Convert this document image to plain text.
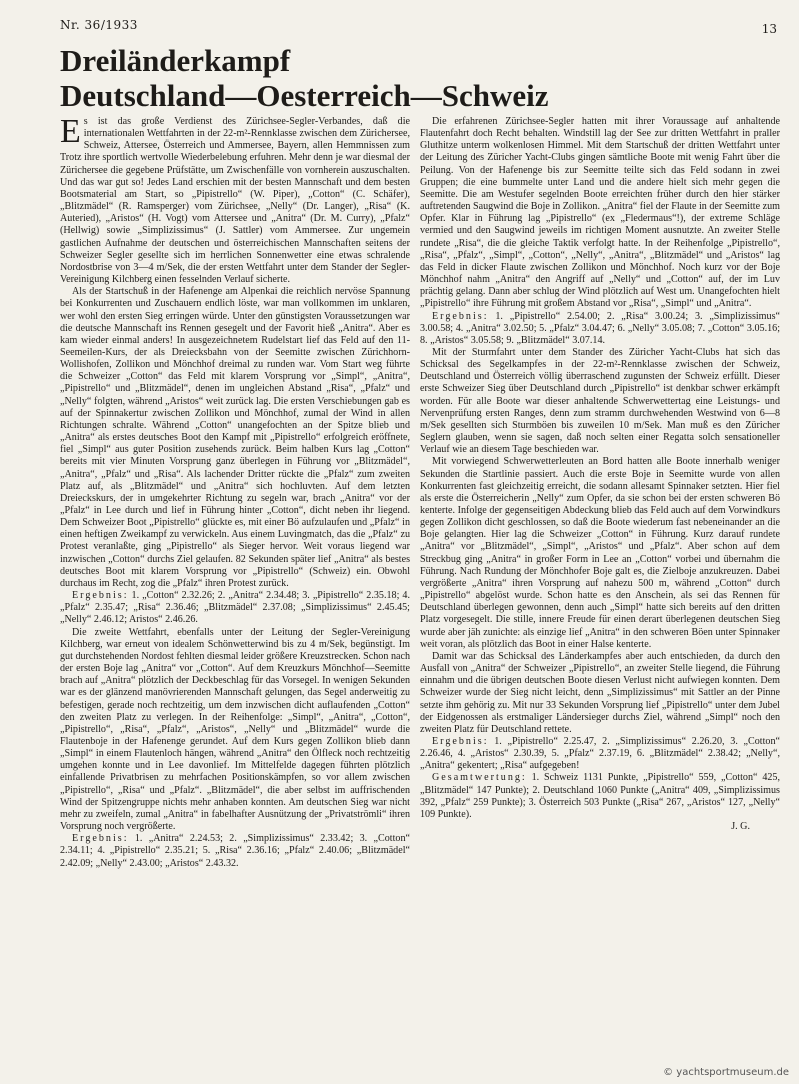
Nr. 36/1933	13
Dreiländerkampf
Deutschland—Oesterreich—Schweiz

Es ist das große Verdienst des Zürichsee-Segler-Verbandes, daß die internationalen Wettfahrten in der 22-m²-Rennklasse zwischen dem Zürichersee, Schweiz, Attersee, Österreich und Ammersee, Bayern, allen Hemmnissen zum Trotz ihre sportlich wertvolle Wiederbelebung erfuhren. Mehr denn je war diesmal der Zürichersee die gegebene Prüfstätte, um Zwischenfälle von vornherein auszuschalten. Und das war gut so! Jedes Land erschien mit der besten Mannschaft und dem besten Bootsmaterial am Start, so „Pipistrello“ (W. Piper), „Cotton“ (C. Schäfer), „Blitzmädel“ (R. Ramsperger) vom Zürichsee, „Nelly“ (Dr. Langer), „Risa“ (K. Auteried), „Aristos“ (H. Vogt) vom Attersee und „Anitra“ (Dr. M. Curry), „Pfalz“ (Hellwig) sowie „Simplizissimus“ (J. Sattler) vom Ammersee. Zur ungemein gastlichen Aufnahme der deutschen und österreichischen Mannschaften seitens der Schweizer Segler gesellte sich im herrlichen Sonnenwetter eine etwas schralende Nordostbrise von 3—4 m/Sek, die der ersten Wettfahrt unter dem Stander der Segler-Vereinigung Kilchberg einen fesselnden Verlauf sicherte.

Als der Startschuß in der Hafenenge am Alpenkai die reichlich nervöse Spannung bei Konkurrenten und Zuschauern endlich löste, war man vollkommen im unklaren, wer wohl den ersten Sieg erringen würde. Unter den günstigsten Voraussetzungen war die deutsche Mannschaft ins Rennen gesegelt und der Favorit hieß „Anitra“. Aber es kam wieder einmal anders! In ausgezeichnetem Rudelstart lief das Feld auf den 11-Seemeilen-Kurs, der als Dreiecksbahn von der Seemitte zwischen Zürichhorn-Wollishofen, Zollikon und Mönchhof dreimal zu runden war. Vom Start weg führte die Schweizer „Cotton“ das Feld mit klarem Vorsprung vor „Simpl“, „Anitra“, „Pipistrello“ und „Blitzmädel“, denen im ungleichen Abstand „Risa“, „Pfalz“ und „Nelly“ folgten, während „Aristos“ weit zurück lag. Die ersten Verschiebungen gab es auf der Spinnakertur zwischen Zollikon und Mönchhof, zumal der Wind in allen Richtungen schralte. Während „Cotton“ unangefochten an der Spitze blieb und „Anitra“ als erstes deutsches Boot den Kampf mit „Pipistrello“ erfolgreich eröffnete, fiel „Simpl“ aus guter Position zusehends zurück. Beim halben Kurs lag „Cotton“ bereits mit vier Minuten Vorsprung ganz überlegen in Führung vor „Blitzmädel“, „Anitra“, „Pfalz“ und „Risa“. Als lachender Dritter rückte die „Pfalz“ zum zweiten Platz auf, als „Blitzmädel“ und „Anitra“ sich hochluvten. Auf dem letzten Dreieckskurs, der in umgekehrter Richtung zu segeln war, brach „Anitra“ vor der „Pfalz“ in Lee durch und lief in Führung hinter „Cotton“, dicht neben ihr liegend. Dem Schweizer Boot „Pipistrello“ glückte es, mit einer Bö aufzulaufen und „Pfalz“ in einen heftigen Zweikampf zu verwickeln. Aus einem Luvingmatch, das die „Pfalz“ zu Protest veranlaßte, ging „Pipistrello“ als Sieger hervor. Weit voraus liegend war inzwischen „Cotton“ durchs Ziel gelaufen. 82 Sekunden später lief „Anitra“ als bestes deutsches Boot mit klarem Vorsprung vor „Pipistrello“ (Schweiz) ein. Obwohl durchaus im Recht, zog die „Pfalz“ ihren Protest zurück.

Ergebnis: 1. „Cotton“ 2.32.26; 2. „Anitra“ 2.34.48; 3. „Pipistrello“ 2.35.18; 4. „Pfalz“ 2.35.47; „Risa“ 2.36.46; „Blitzmädel“ 2.37.08; „Simplizissimus“ 2.45.45; „Nelly“ 2.46.12; Aristos“ 2.46.26.

Die zweite Wettfahrt, ebenfalls unter der Leitung der Segler-Vereinigung Kilchberg, war erneut von idealem Schönwetterwind bis zu 4 m/Sek, begünstigt. Im gut durchstehenden Nordost fehlten diesmal leider größere Kreuzstrecken. Schon nach der ersten Boje lag „Anitra“ vor „Cotton“. Auf dem Kreuzkurs Mönchhof—Seemitte brach auf „Anitra“ plötzlich der Deckbeschlag für das Vorsegel. In wenigen Sekunden war es der glänzend manövrierenden Mannschaft gelungen, das Segel anderweitig zu befestigen, gerade noch rechtzeitig, um dem inzwischen dicht auflaufenden „Cotton“ den zweiten Platz zu verlegen. In der Reihenfolge: „Simpl“, „Anitra“, „Cotton“, „Pipistrello“, „Risa“, „Pfalz“, „Aristos“, „Nelly“ und „Blitzmädel“ wurde die Flautenboje in der Hafenenge gerundet. Auf dem Kurs gegen Zollikon blieb dann „Simpl“ in einem Flautenloch hängen, während „Anitra“ den Ölfleck noch rechtzeitig umgehen konnte und in Lee davonlief. Im Mittelfelde dagegen führten plötzlich einfallende Privatbrisen zu mehrfachen Positionskämpfen, so vor allem zwischen „Pipistrello“, „Risa“ und „Pfalz“. „Blitzmädel“, die aber selbst im auffrischenden Wind der Spitzengruppe nichts mehr anhaben konnten. Am deutschen Sieg war nicht mehr zu zweifeln, zumal „Anitra“ in fabelhafter Ausnützung der „Privatströmli“ ihren Vorsprung noch vergrößerte.

Ergebnis: 1. „Anitra“ 2.24.53; 2. „Simplizissimus“ 2.33.42; 3. „Cotton“ 2.34.11; 4. „Pipistrello“ 2.35.21; 5. „Risa“ 2.36.16; „Pfalz“ 2.40.06; „Blitzmädel“ 2.42.09; „Nelly“ 2.43.00; „Aristos“ 2.43.32.

Die erfahrenen Zürichsee-Segler hatten mit ihrer Voraussage auf anhaltende Flautenfahrt doch Recht behalten. Windstill lag der See zur dritten Wettfahrt in praller Gluthitze unterm wolkenlosen Himmel. Mit dem Startschuß der dritten Wettfahrt unter der Leitung des Züricher Yacht-Clubs gingen sämtliche Boote mit wenig Fahrt über die Peilung. Von der Hafenenge bis zur Seemitte teilte sich das Feld sodann in zwei Gruppen; die eine bummelte unter Land und die andere hielt sich mehr gegen die Seemitte. Die am Westufer segelnden Boote erreichten früher durch den hier stärker auftretenden Saugwind die Boje in Zollikon. „Anitra“ fiel der Flaute in der Seemitte zum Opfer. Klar in Führung lag „Pipistrello“ (ex „Fledermaus“!), der extreme Schläge vermied und den Saugwind jeweils im richtigen Moment ausnutzte. An zweiter Stelle rundete „Risa“, die die gleiche Taktik verfolgt hatte. In der Reihenfolge „Pipistrello“, „Risa“, „Pfalz“, „Simpl“, „Cotton“, „Nelly“, „Anitra“, „Blitzmädel“ und „Aristos“ lag das Feld in dicker Flaute zwischen Zollikon und Mönchhof. Noch kurz vor der Boje Mönchhof nahm „Anitra“ den Angriff auf „Nelly“ und „Cotton“ auf, der im Luv prächtig gelang. Dann aber schlug der Wind plötzlich auf West um. Unangefochten hielt „Pipistrello“ ihre Führung mit großem Abstand vor „Risa“, „Simpl“ und „Anitra“.

Ergebnis: 1. „Pipistrello“ 2.54.00; 2. „Risa“ 3.00.24; 3. „Simplizissimus“ 3.00.58; 4. „Anitra“ 3.02.50; 5. „Pfalz“ 3.04.47; 6. „Nelly“ 3.05.08; 7. „Cotton“ 3.05.16; 8. „Aristos“ 3.05.58; 9. „Blitzmädel“ 3.07.14.

Mit der Sturmfahrt unter dem Stander des Züricher Yacht-Clubs hat sich das Schicksal des Segelkampfes in der 22-m²-Rennklasse zwischen der Schweiz, Deutschland und Österreich völlig überraschend zugunsten der Schweiz erfüllt. Dieser erste Schweizer Sieg über Deutschland durch „Pipistrello“ ist denkbar schwer erkämpft worden. Für alle Boote war dieser anhaltende Schwerwettertag eine Leistungs- und Nervenprüfung ersten Ranges, denn zum stramm durchwehenden Westwind von 6—8 m/Sek gesellten sich Sturmböen bis zuweilen 10 m/Sek. Man muß es den Züricher Seglern glauben, wenn sie sagen, daß noch selten einer Regatta solch sensationeller Verlauf wie an diesem Tage beschieden war.

Mit vorwiegend Schwerwetterleuten an Bord hatten alle Boote innerhalb weniger Sekunden die Startlinie passiert. Auch die erste Boje in Seemitte wurde von allen Konkurrenten fast gleichzeitig erreicht, die sodann allesamt Spinnaker setzten. Hier fiel als erste die Österreicherin „Nelly“ zum Opfer, da sie schon bei der ersten schweren Bö kenterte. Infolge der gegenseitigen Abdeckung blieb das Feld auch auf dem Vorwindkurs gegen Zollikon dicht geschlossen, so daß die Boote wiederum fast nebeneinander an die Boje gelangten. Hier lag die Schweizer „Cotton“ in Führung. Kurz darauf rundete „Anitra“ vor „Blitzmädel“, „Simpl“, „Aristos“ und „Pfalz“. Aber schon auf dem Streckbug ging „Anitra“ in großer Form in Lee an „Cotton“ vorbei und übernahm die Führung. Nach Rundung der Mönchhofer Boje galt es, die Zielboje anzukreuzen. Dabei vergrößerte „Anitra“ ihren Vorsprung auf nahezu 500 m, während „Cotton“ durch „Pipistrello“ abgelöst wurde. Schon hatte es den Anschein, als sei das Rennen für Deutschland überlegen gewonnen, denn auch „Simpl“ hatte sich bereits auf den dritten Platz vorgesegelt. Die stille, innere Freude für einen derart überlegenen deutschen Sieg wurde aber jäh zunichte: als einzige lief „Anitra“ in den schweren Böen unter Spinnaker weit voran, als plötzlich das Boot in einer Halse kenterte.

Damit war das Schicksal des Länderkampfes aber auch entschieden, da durch den Ausfall von „Anitra“ der Schweizer „Pipistrello“, an zweiter Stelle liegend, die Führung einnahm und die übrigen deutschen Boote diesen Verlust nicht aufwiegen konnten. Dem Schweizer wurde der Sieg nicht leicht, denn „Simplizissimus“ mit Sattler an der Pinne setzte ihm gehörig zu. Mit nur 33 Sekunden Vorsprung lief „Pipistrello“ unter dem Jubel der Eidgenossen als erstmaliger Ländersieger durchs Ziel, während „Simpl“ noch den zweiten Platz für Deutschland rettete.

Ergebnis: 1. „Pipistrello“ 2.25.47, 2. „Simplizissimus“ 2.26.20, 3. „Cotton“ 2.26.46, 4. „Aristos“ 2.30.39, 5. „Pfalz“ 2.37.19, 6. „Blitzmädel“ 2.38.42; „Nelly“, „Anitra“ gekentert; „Risa“ aufgegeben!

Gesamtwertung: 1. Schweiz 1131 Punkte, „Pipistrello“ 559, „Cotton“ 425, „Blitzmädel“ 147 Punkte); 2. Deutschland 1060 Punkte („Anitra“ 409, „Simplizissimus 392, „Pfalz“ 259 Punkte); 3. Österreich 503 Punkte („Risa“ 267, „Aristos“ 127, „Nelly“ 109 Punkte).

J. G.

© yachtsportmuseum.de
